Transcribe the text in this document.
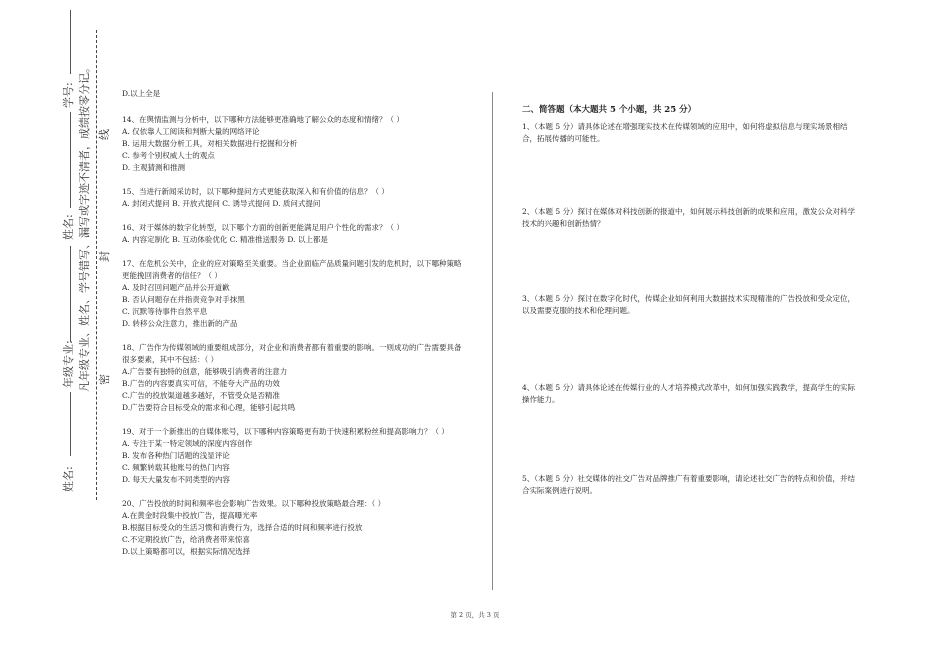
学号:
姓名:
年级专业:
姓名:
凡年级专业、姓名、学号错写、漏写或字迹不清者，成绩按零分记。 密
封
线
D.以上全是
14、在舆情监测与分析中，以下哪种方法能够更准确地了解公众的态度和情绪？（ ）
A. 仅依靠人工阅读和判断大量的网络评论
B. 运用大数据分析工具，对相关数据进行挖掘和分析
C. 参考个别权威人士的观点
D. 主观猜测和推测
15、当进行新闻采访时，以下哪种提问方式更能获取深入和有价值的信息？（ ）
A. 封闭式提问 B. 开放式提问 C. 诱导式提问 D. 质问式提问
16、对于媒体的数字化转型，以下哪个方面的创新更能满足用户个性化的需求？（ ）
A. 内容定制化 B. 互动体验优化 C. 精准推送服务 D. 以上都是
17、在危机公关中，企业的应对策略至关重要。当企业面临产品质量问题引发的危机时，以下哪种策略更能挽回消费者的信任？（ ）
A. 及时召回问题产品并公开道歉
B. 否认问题存在并指责竞争对手抹黑
C. 沉默等待事件自然平息
D. 转移公众注意力，推出新的产品
18、广告作为传媒领域的重要组成部分，对企业和消费者都有着重要的影响。一则成功的广告需要具备很多要素，其中不包括：（ ）
A.广告要有独特的创意，能够吸引消费者的注意力
B.广告的内容要真实可信，不能夸大产品的功效
C.广告的投放渠道越多越好，不管受众是否精准
D.广告要符合目标受众的需求和心理，能够引起共鸣
19、对于一个新推出的自媒体账号，以下哪种内容策略更有助于快速积累粉丝和提高影响力？（ ）
A. 专注于某一特定领域的深度内容创作
B. 发布各种热门话题的浅显评论
C. 频繁转载其他账号的热门内容
D. 每天大量发布不同类型的内容
20、广告投放的时间和频率也会影响广告效果。以下哪种投放策略最合理：（ ）
A.在黄金时段集中投放广告，提高曝光率
B.根据目标受众的生活习惯和消费行为，选择合适的时间和频率进行投放
C.不定期投放广告，给消费者带来惊喜
D.以上策略都可以，根据实际情况选择
二、简答题（本大题共 5 个小题，共 25 分）
1、（本题 5 分）请具体论述在增强现实技术在传媒领域的应用中，如何将虚拟信息与现实场景相结合，拓展传播的可能性。
2、（本题 5 分）探讨在媒体对科技创新的报道中，如何展示科技创新的成果和应用，激发公众对科学技术的兴趣和创新热情？
3、（本题 5 分）探讨在数字化时代，传媒企业如何利用大数据技术实现精准的广告投放和受众定位，以及需要克服的技术和伦理问题。
4、（本题 5 分）请具体论述在传媒行业的人才培养模式改革中，如何加强实践教学，提高学生的实际操作能力。
5、（本题 5 分）社交媒体的社交广告对品牌推广有着重要影响，请论述社交广告的特点和价值，并结合实际案例进行说明。
第 2 页，共 3 页
